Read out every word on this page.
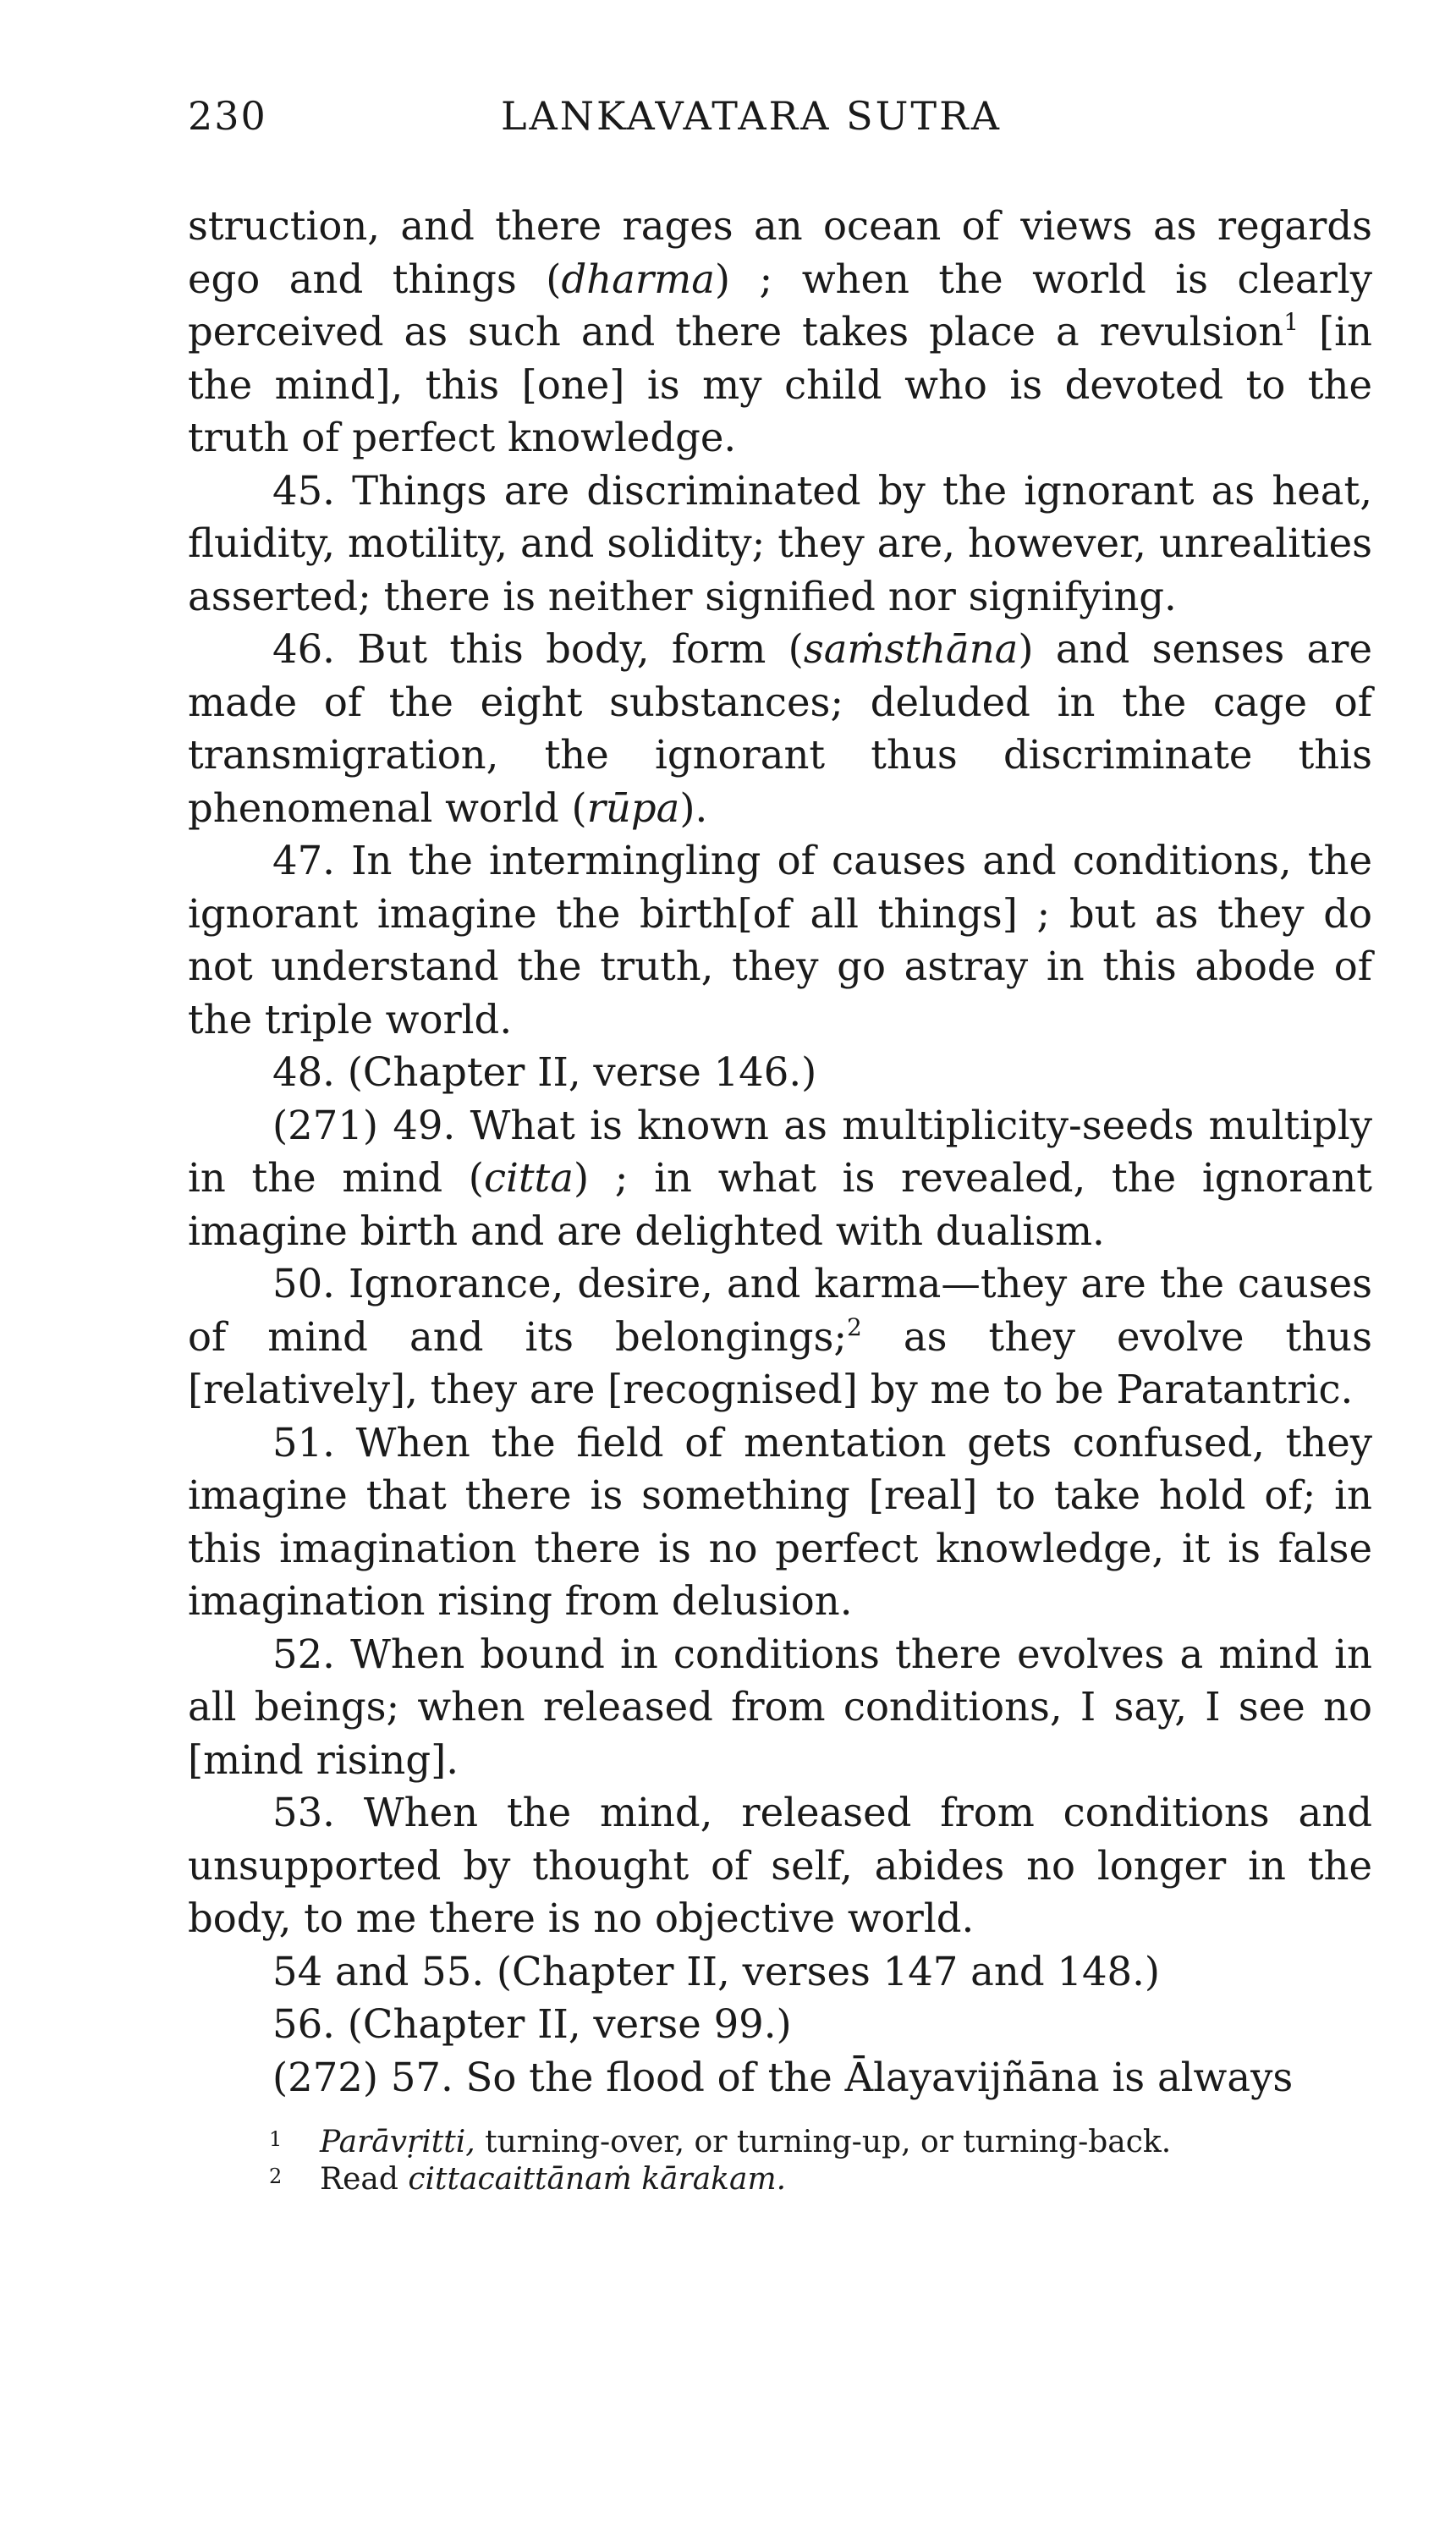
230	LANKAVATARA SUTRA

struction, and there rages an ocean of views as regards ego and things (dharma) ; when the world is clearly perceived as such and there takes place a revulsion$^1$ [in the mind], this [one] is my child who is devoted to the truth of perfect knowledge.

45. Things are discriminated by the ignorant as heat, fluidity, motility, and solidity; they are, however, unrealities asserted; there is neither signified nor signifying.

46. But this body, form (saṁsthāna) and senses are made of the eight substances; deluded in the cage of transmigration, the ignorant thus discriminate this phenomenal world (rūpa).

47. In the intermingling of causes and conditions, the ignorant imagine the birth[of all things] ; but as they do not understand the truth, they go astray in this abode of the triple world.

48. (Chapter II, verse 146.)

(271) 49. What is known as multiplicity-seeds multiply in the mind (citta) ; in what is revealed, the ignorant imagine birth and are delighted with dualism.

50. Ignorance, desire, and karma—they are the causes of mind and its belongings;$^2$ as they evolve thus [relatively], they are [recognised] by me to be Paratantric.

51. When the field of mentation gets confused, they imagine that there is something [real] to take hold of; in this imagination there is no perfect knowledge, it is false imagination rising from delusion.

52. When bound in conditions there evolves a mind in all beings; when released from conditions, I say, I see no [mind rising].

53. When the mind, released from conditions and unsupported by thought of self, abides no longer in the body, to me there is no objective world.

54 and 55. (Chapter II, verses 147 and 148.)

56. (Chapter II, verse 99.)

(272) 57. So the flood of the Ālayavijñāna is always

1 Parāvṛitti, turning-over, or turning-up, or turning-back.

2 Read cittacaittānaṁ kārakam.
